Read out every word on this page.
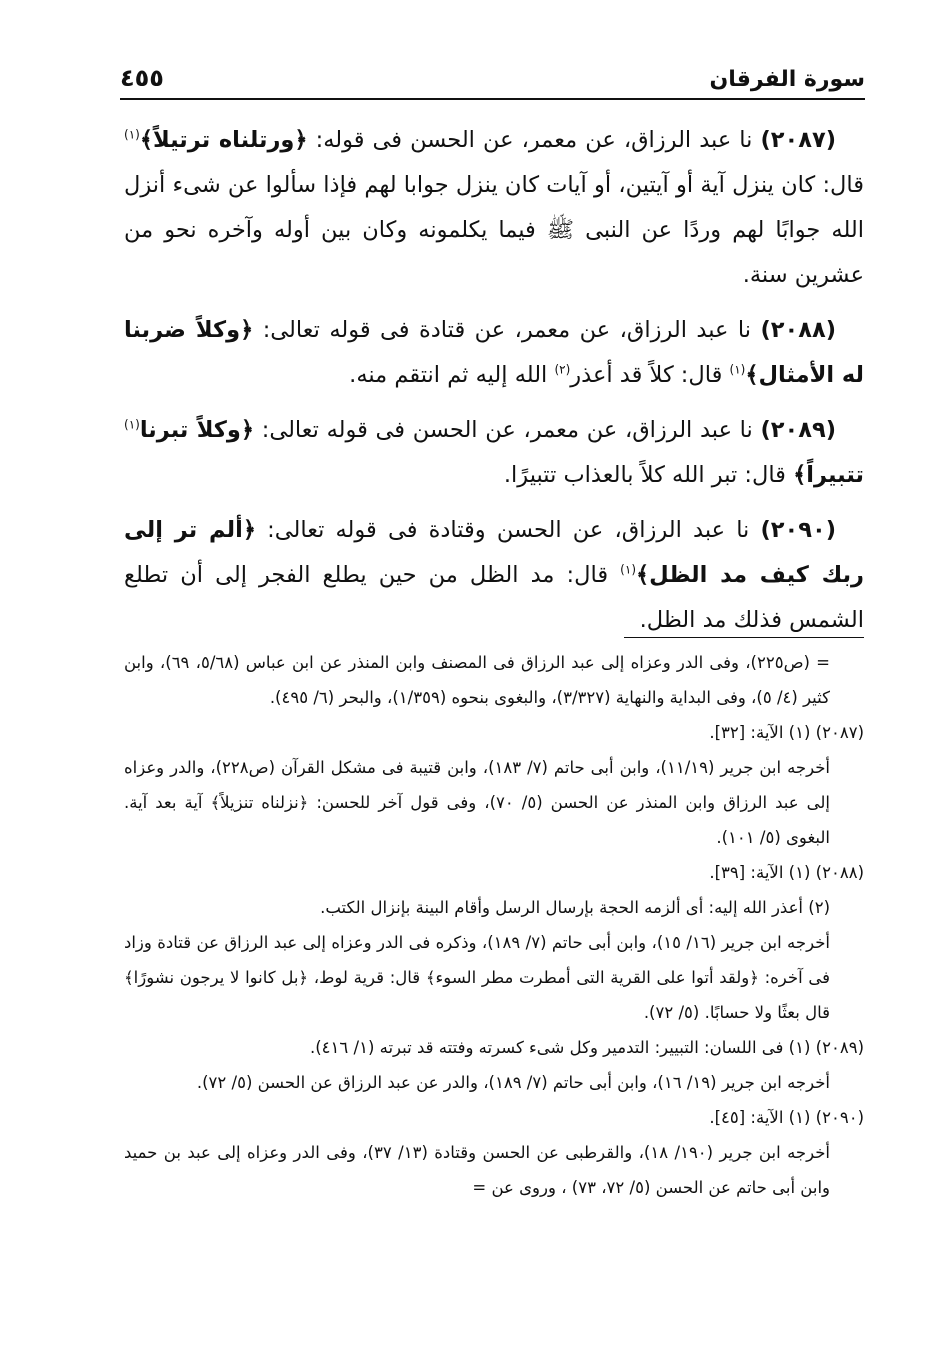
سورة الفرقان
٤٥٥

(٢٠٨٧) نا عبد الرزاق، عن معمر، عن الحسن فى قوله: ﴿ورتلناه ترتيلاً﴾$^{(١)}$ قال: كان ينزل آية أو آيتين، أو آيات كان ينزل جوابا لهم فإذا سألوا عن شىء أنزل الله جوابًا لهم وردًا عن النبى ﷺ فيما يكلمونه وكان بين أوله وآخره نحو من عشرين سنة.

(٢٠٨٨) نا عبد الرزاق، عن معمر، عن قتادة فى قوله تعالى: ﴿وكلاً ضربنا له الأمثال﴾$^{(١)}$ قال: كلاً قد أعذر$^{(٢)}$ الله إليه ثم انتقم منه.

(٢٠٨٩) نا عبد الرزاق، عن معمر، عن الحسن فى قوله تعالى: ﴿وكلاً تبرنا$^{(١)}$ تتبيراً﴾ قال: تبر الله كلاً بالعذاب تتبيرًا.

(٢٠٩٠) نا عبد الرزاق، عن الحسن وقتادة فى قوله تعالى: ﴿ألم تر إلى ربك كيف مد الظل﴾$^{(١)}$ قال: مد الظل من حين يطلع الفجر إلى أن تطلع الشمس فذلك مد الظل.

= (ص٢٢٥)، وفى الدر وعزاه إلى عبد الرزاق فى المصنف وابن المنذر عن ابن عباس (٥/٦٨، ٦٩)، وابن كثير (٤/ ٥)، وفى البداية والنهاية (٣/٣٢٧)، والبغوى بنحوه (١/٣٥٩)، والبحر (٦/ ٤٩٥).

(٢٠٨٧) (١) الآية: [٣٢].

أخرجه ابن جرير (١١/١٩)، وابن أبى حاتم (٧/ ١٨٣)، وابن قتيبة فى مشكل القرآن (ص٢٢٨)، والدر وعزاه إلى عبد الرزاق وابن المنذر عن الحسن (٥/ ٧٠)، وفى قول آخر للحسن: ﴿نزلناه تنزيلاً﴾ آية بعد آية. البغوى (٥/ ١٠١).

(٢٠٨٨) (١) الآية: [٣٩].

(٢) أعذر الله إليه: أى ألزمه الحجة بإرسال الرسل وأقام البينة بإنزال الكتب.

أخرجه ابن جرير (١٦/ ١٥)، وابن أبى حاتم (٧/ ١٨٩)، وذكره فى الدر وعزاه إلى عبد الرزاق عن قتادة وزاد فى آخره: ﴿ولقد أتوا على القرية التى أمطرت مطر السوء﴾ قال: قرية لوط، ﴿بل كانوا لا يرجون نشورًا﴾ قال بعثًا ولا حسابًا. (٥/ ٧٢).

(٢٠٨٩) (١) فى اللسان: التبيير: التدمير وكل شىء كسرته وفتته قد تبرته (١/ ٤١٦).

أخرجه ابن جرير (١٩/ ١٦)، وابن أبى حاتم (٧/ ١٨٩)، والدر عن عبد الرزاق عن الحسن (٥/ ٧٢).

(٢٠٩٠) (١) الآية: [٤٥].

أخرجه ابن جرير (١٩٠/ ١٨)، والقرطبى عن الحسن وقتادة (١٣/ ٣٧)، وفى الدر وعزاه إلى عبد بن حميد وابن أبى حاتم عن الحسن (٥/ ٧٢، ٧٣) ، وروى عن =
